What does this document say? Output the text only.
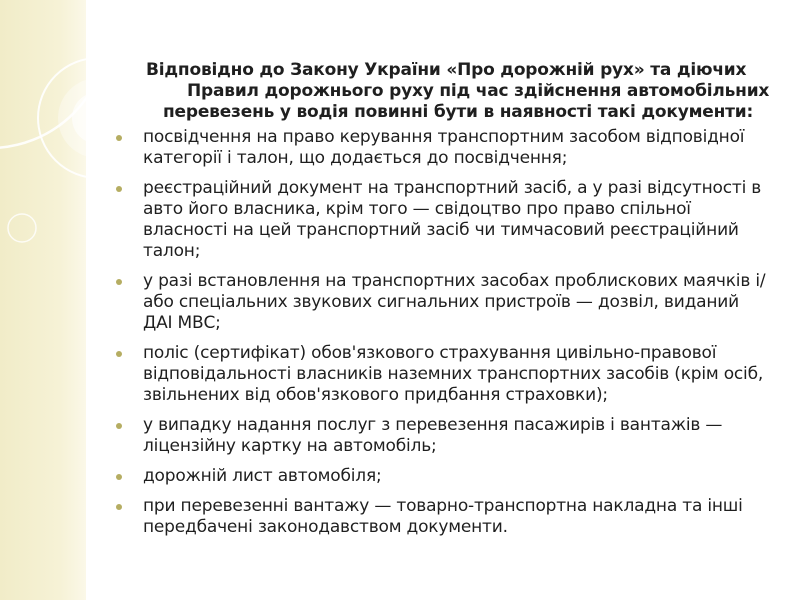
Відповідно до Закону України «Про дорожній рух» та діючих
Правил дорожнього руху під час здійснення автомобільних
перевезень у водія повинні бути в наявності такі документи:

посвідчення на право керування транспортним засобом відповідної категорії і талон, що додається до посвідчення;
реєстраційний документ на транспортний засіб, а у разі відсутності в авто його власника, крім того — свідоцтво про право спільної власності на цей транспортний засіб чи тимчасовий реєстраційний талон;
у разі встановлення на транспортних засобах проблискових маячків і/або спеціальних звукових сигнальних пристроїв — дозвіл, виданий ДАІ МВС;
поліс (сертифікат) обов'язкового страхування цивільно-правової відповідальності власників наземних транспортних засобів (крім осіб, звільнених від обов'язкового придбання страховки);
у випадку надання послуг з перевезення пасажирів і вантажів — ліцензійну картку на автомобіль;
дорожній лист автомобіля;
при перевезенні вантажу — товарно-транспортна накладна та інші передбачені законодавством документи.
